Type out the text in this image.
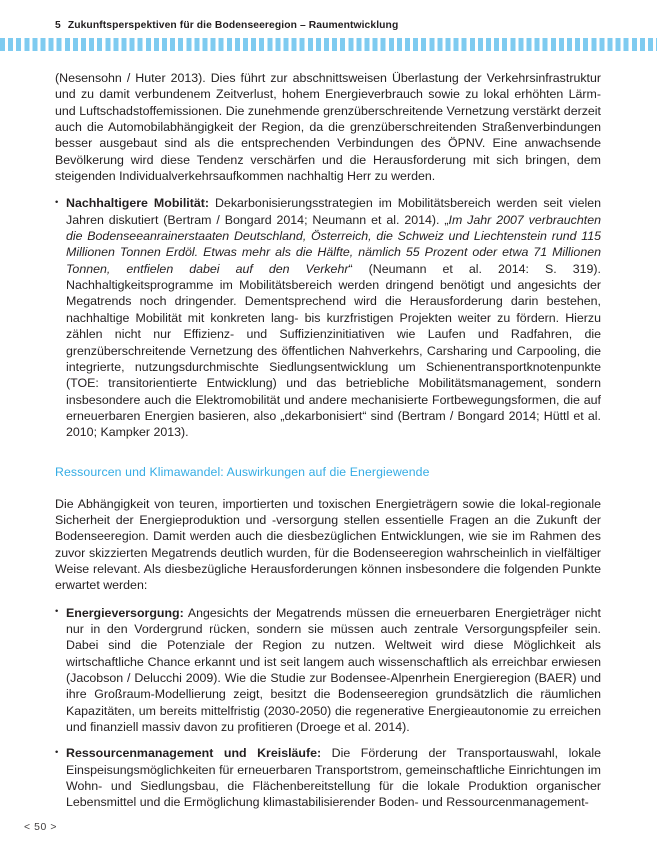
5 Zukunftsperspektiven für die Bodenseeregion – Raumentwicklung

(Nesensohn / Huter 2013). Dies führt zur abschnittsweisen Überlastung der Verkehrsinfrastruktur und zu damit verbundenem Zeitverlust, hohem Energieverbrauch sowie zu lokal erhöhten Lärm- und Luftschadstoffemissionen. Die zunehmende grenzüberschreitende Vernetzung verstärkt derzeit auch die Automobilabhängigkeit der Region, da die grenzüberschreitenden Straßenverbindungen besser ausgebaut sind als die entsprechenden Verbindungen des ÖPNV. Eine anwachsende Bevölkerung wird diese Tendenz verschärfen und die Herausforderung mit sich bringen, dem steigenden Individualverkehrsaufkommen nachhaltig Herr zu werden.

• Nachhaltigere Mobilität: Dekarbonisierungsstrategien im Mobilitätsbereich werden seit vielen Jahren diskutiert (Bertram / Bongard 2014; Neumann et al. 2014). „Im Jahr 2007 verbrauchten die Bodenseeanrainerstaaten Deutschland, Österreich, die Schweiz und Liechtenstein rund 115 Millionen Tonnen Erdöl. Etwas mehr als die Hälfte, nämlich 55 Prozent oder etwa 71 Millionen Tonnen, entfielen dabei auf den Verkehr“ (Neumann et al. 2014: S. 319). Nachhaltigkeitsprogramme im Mobilitätsbereich werden dringend benötigt und angesichts der Megatrends noch dringender. Dementsprechend wird die Herausforderung darin bestehen, nachhaltige Mobilität mit konkreten lang- bis kurzfristigen Projekten weiter zu fördern. Hierzu zählen nicht nur Effizienz- und Suffizienzinitiativen wie Laufen und Radfahren, die grenzüberschreitende Vernetzung des öffentlichen Nahverkehrs, Carsharing und Carpooling, die integrierte, nutzungsdurchmischte Siedlungsentwicklung um Schienentransportknotenpunkte (TOE: transitorientierte Entwicklung) und das betriebliche Mobilitätsmanagement, sondern insbesondere auch die Elektromobilität und andere mechanisierte Fortbewegungsformen, die auf erneuerbaren Energien basieren, also „dekarbonisiert“ sind (Bertram / Bongard 2014; Hüttl et al. 2010; Kampker 2013).

Ressourcen und Klimawandel: Auswirkungen auf die Energiewende

Die Abhängigkeit von teuren, importierten und toxischen Energieträgern sowie die lokal-regionale Sicherheit der Energieproduktion und -versorgung stellen essentielle Fragen an die Zukunft der Bodenseeregion. Damit werden auch die diesbezüglichen Entwicklungen, wie sie im Rahmen des zuvor skizzierten Megatrends deutlich wurden, für die Bodenseeregion wahrscheinlich in vielfältiger Weise relevant. Als diesbezügliche Herausforderungen können insbesondere die folgenden Punkte erwartet werden:

• Energieversorgung: Angesichts der Megatrends müssen die erneuerbaren Energieträger nicht nur in den Vordergrund rücken, sondern sie müssen auch zentrale Versorgungspfeiler sein. Dabei sind die Potenziale der Region zu nutzen. Weltweit wird diese Möglichkeit als wirtschaftliche Chance erkannt und ist seit langem auch wissenschaftlich als erreichbar erwiesen (Jacobson / Delucchi 2009). Wie die Studie zur Bodensee-Alpenrhein Energieregion (BAER) und ihre Großraum-Modellierung zeigt, besitzt die Bodenseeregion grundsätzlich die räumlichen Kapazitäten, um bereits mittelfristig (2030-2050) die regenerative Energieautonomie zu erreichen und finanziell massiv davon zu profitieren (Droege et al. 2014).

• Ressourcenmanagement und Kreisläufe: Die Förderung der Transportauswahl, lokale Einspeisungsmöglichkeiten für erneuerbaren Transportstrom, gemeinschaftliche Einrichtungen im Wohn- und Siedlungsbau, die Flächenbereitstellung für die lokale Produktion organischer Lebensmittel und die Ermöglichung klimastabilisierender Boden- und Ressourcenmanagement-

< 50 >
